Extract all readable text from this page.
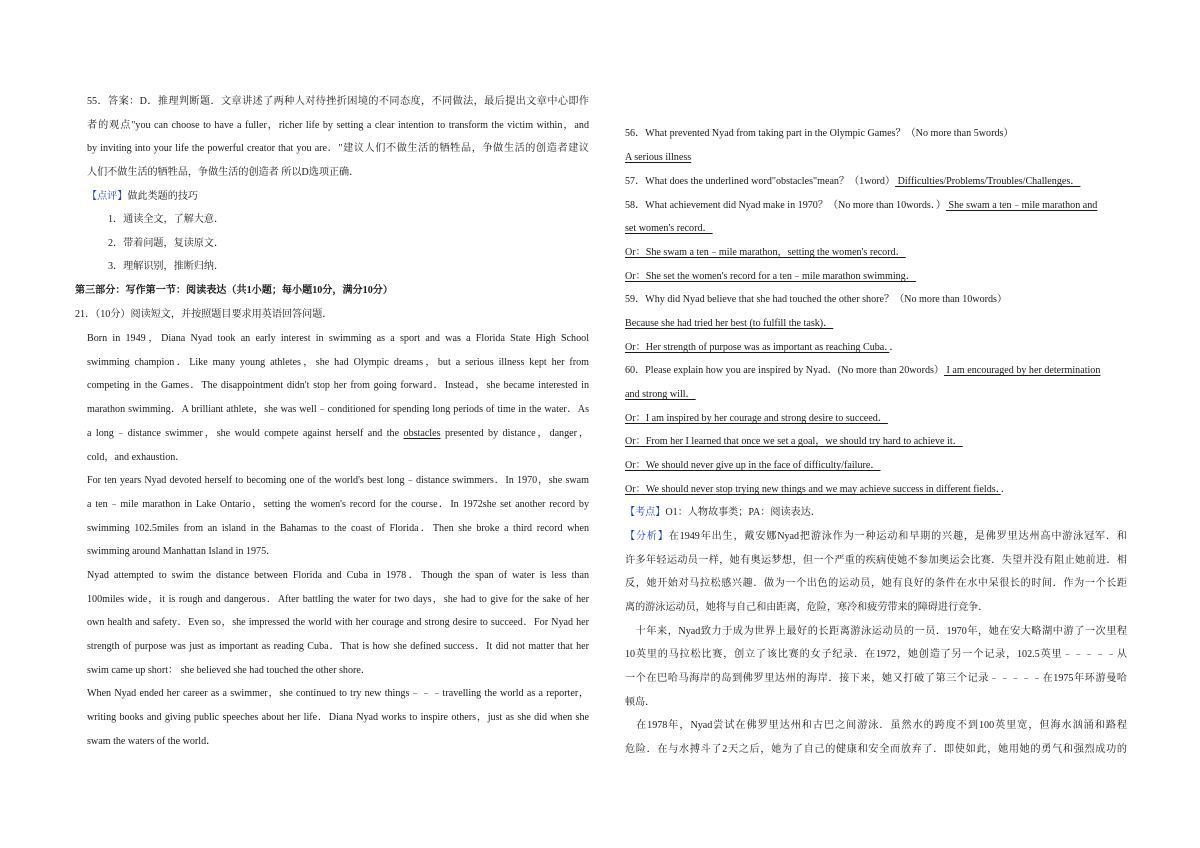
55．答案：D．推理判断题．文章讲述了两种人对待挫折困境的不同态度，不同做法，最后提出文章中心即作
者的观点"you can choose to have a fuller，richer life by setting a clear intention to transform the victim within，and
by inviting into your life the powerful creator that you are．"建议人们不做生活的牺牲品，争做生活的创造者建议
人们不做生活的牺牲品，争做生活的创造者 所以D选项正确．
【点评】做此类题的技巧
1．通读全文，了解大意．
2．带着问题，复读原文．
3．理解识别，推断归纳．
第三部分：写作第一节：阅读表达（共1小题；每小题10分，满分10分）
21．（10分）阅读短文，并按照题目要求用英语回答问题．
Born in 1949，Diana Nyad took an early interest in swimming as a sport and was a Florida State High School
swimming champion．Like many young athletes，she had Olympic dreams，but a serious illness kept her from
competing in the Games．The disappointment didn't stop her from going forward．Instead，she became interested in
marathon swimming．A brilliant athlete，she was well﹣conditioned for spending long periods of time in the water．As
a long﹣distance swimmer，she would compete against herself and the obstacles presented by distance，danger，
cold，and exhaustion．
For ten years Nyad devoted herself to becoming one of the world's best long﹣distance swimmers．In 1970，she swam
a ten﹣mile marathon in Lake Ontario，setting the women's record for the course．In 1972she set another record by
swimming 102.5miles from an island in the Bahamas to the coast of Florida．Then she broke a third record when
swimming around Manhattan Island in 1975．
Nyad attempted to swim the distance between Florida and Cuba in 1978．Though the span of water is less than
100miles wide，it is rough and dangerous．After battling the water for two days，she had to give for the sake of her
own health and safety．Even so，she impressed the world with her courage and strong desire to succeed．For Nyad her
strength of purpose was just as important as reading Cuba．That is how she defined success．It did not matter that her
swim came up short： she believed she had touched the other shore．
When Nyad ended her career as a swimmer，she continued to try new things﹣﹣﹣travelling the world as a reporter，
writing books and giving public speeches about her life．Diana Nyad works to inspire others，just as she did when she
swam the waters of the world．
56．What prevented Nyad from taking part in the Olympic Games？（No more than 5words）
A serious illness
57．What does the underlined word"obstacles"mean？（1word） Difficulties/Problems/Troubles/Challenges．
58．What achievement did Nyad make in 1970？（No more than 10words．） She swam a ten﹣mile marathon and
set women's record．
Or：She swam a ten﹣mile marathon，setting the women's record．
Or：She set the women's record for a ten﹣mile marathon swimming．
59．Why did Nyad believe that she had touched the other shore？（No more than 10words）
Because she had tried her best (to fulfill the task)．
Or：Her strength of purpose was as important as reaching Cuba．．
60．Please explain how you are inspired by Nyad．(No more than 20words） I am encouraged by her determination
and strong will．
Or：I am inspired by her courage and strong desire to succeed．
Or：From her I learned that once we set a goal，we should try hard to achieve it．
Or：We should never give up in the face of difficulty/failure．
Or：We should never stop trying new things and we may achieve success in different fields．．
【考点】O1：人物故事类；PA：阅读表达．
【分析】在1949年出生，戴安娜Nyad把游泳作为一种运动和早期的兴趣，是佛罗里达州高中游泳冠军．和
许多年轻运动员一样，她有奥运梦想，但一个严重的疾病使她不参加奥运会比赛．失望并没有阻止她前进．相
反，她开始对马拉松感兴趣．做为一个出色的运动员，她有良好的条件在水中呆很长的时间．作为一个长距
离的游泳运动员，她将与自己和由距离，危险，寒冷和疲劳带来的障碍进行竞争．
　十年来，Nyad致力于成为世界上最好的长距离游泳运动员的一员．1970年，她在安大略湖中游了一次里程
10英里的马拉松比赛，创立了该比赛的女子纪录．在1972，她创造了另一个记录，102.5英里﹣﹣﹣﹣﹣从
一个在巴哈马海岸的岛到佛罗里达州的海岸．接下来，她又打破了第三个记录﹣﹣﹣﹣﹣在1975年环游曼哈
顿岛．
　在1978年，Nyad尝试在佛罗里达州和古巴之间游泳．虽然水的跨度不到100英里宽，但海水汹涌和路程
危险．在与水搏斗了2天之后，她为了自己的健康和安全而放弃了．即使如此，她用她的勇气和强烈成功的
